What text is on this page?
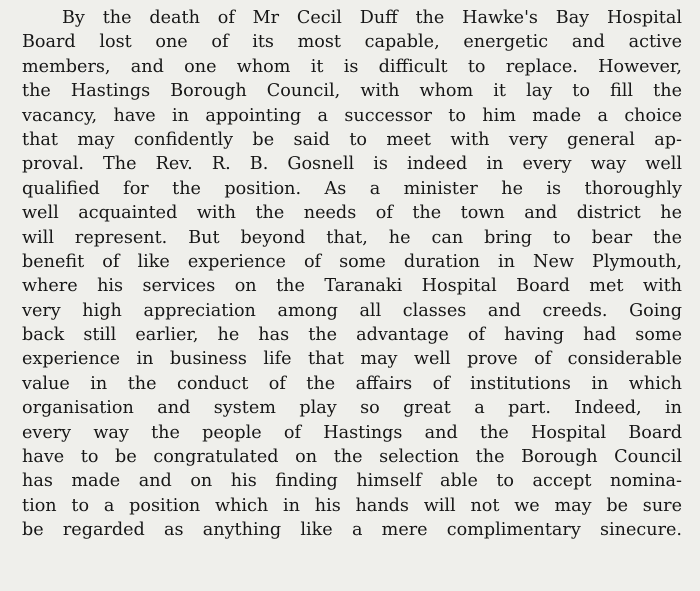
By the death of Mr Cecil Duff the Hawke's Bay Hospital
Board lost one of its most capable, energetic and active
members, and one whom it is difficult to replace. However,
the Hastings Borough Council, with whom it lay to fill the
vacancy, have in appointing a successor to him made a choice
that may confidently be said to meet with very general ap-
proval. The Rev. R. B. Gosnell is indeed in every way well
qualified for the position. As a minister he is thoroughly
well acquainted with the needs of the town and district he
will represent. But beyond that, he can bring to bear the
benefit of like experience of some duration in New Plymouth,
where his services on the Taranaki Hospital Board met with
very high appreciation among all classes and creeds. Going
back still earlier, he has the advantage of having had some
experience in business life that may well prove of considerable
value in the conduct of the affairs of institutions in which
organisation and system play so great a part. Indeed, in
every way the people of Hastings and the Hospital Board
have to be congratulated on the selection the Borough Council
has made and on his finding himself able to accept nomina-
tion to a position which in his hands will not we may be sure
be regarded as anything like a mere complimentary sinecure.
